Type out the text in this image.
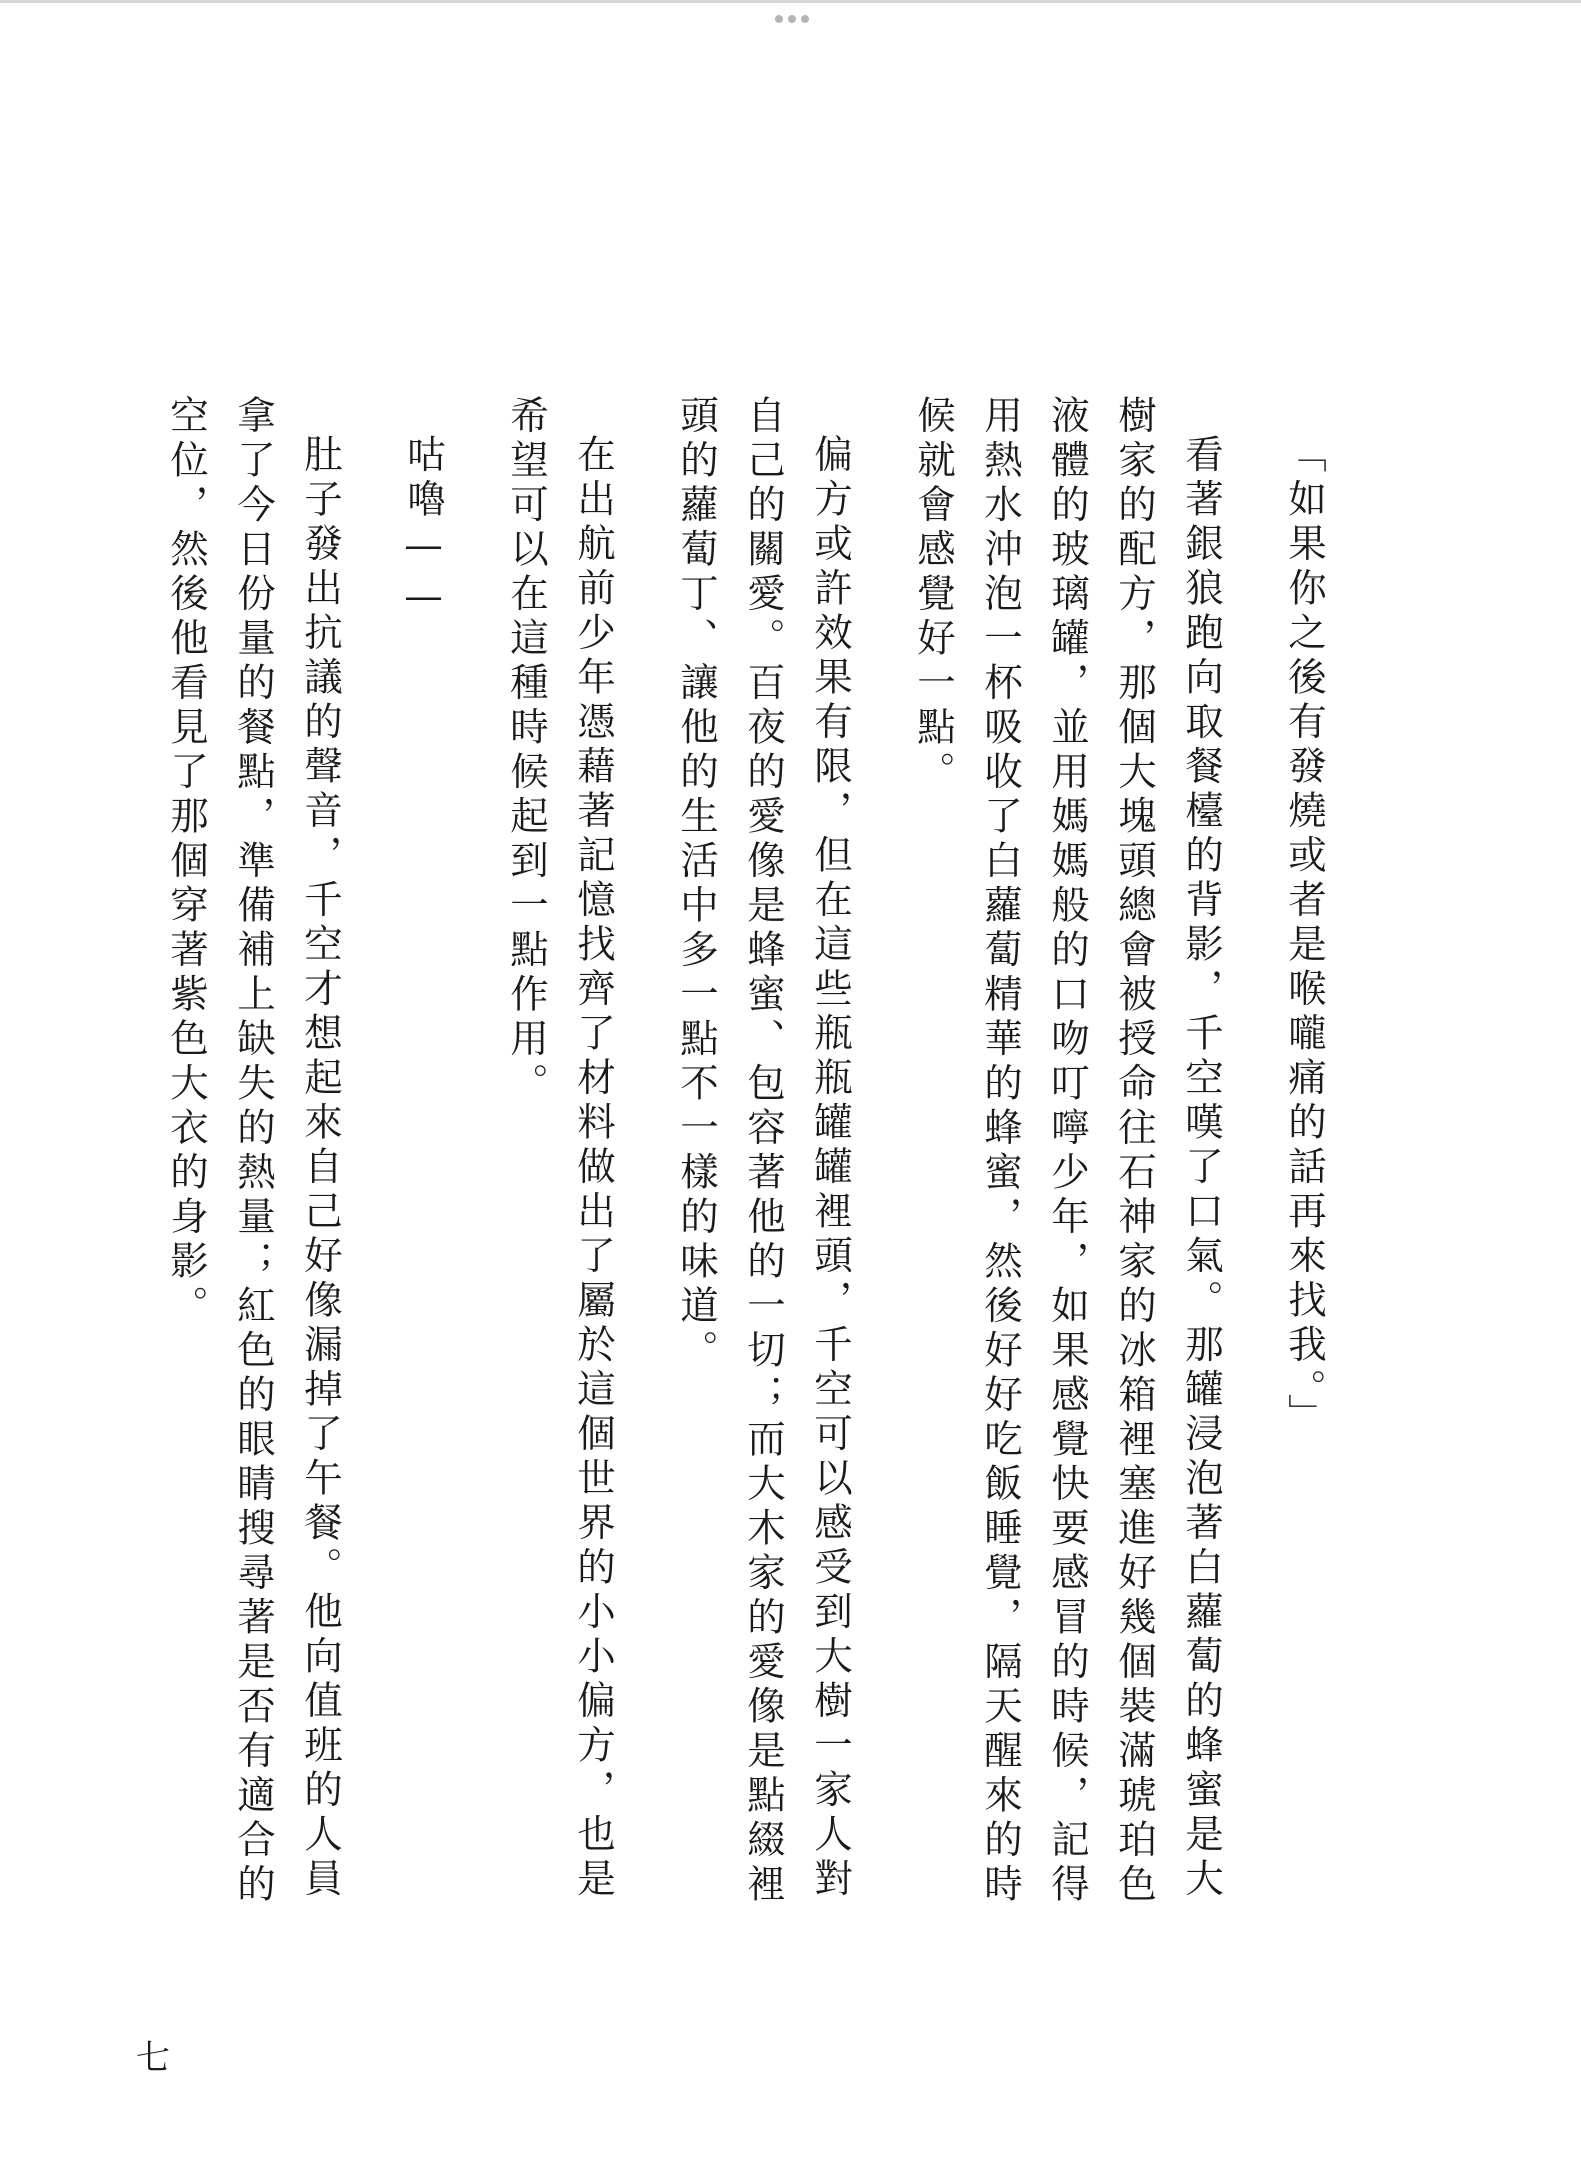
「如果你之後有發燒或者是喉嚨痛的話再來找我。」

看著銀狼跑向取餐檯的背影，千空嘆了口氣。那罐浸泡著白蘿蔔的蜂蜜是大樹家的配方，那個大塊頭總會被授命往石神家的冰箱裡塞進好幾個裝滿琥珀色液體的玻璃罐，並用媽媽般的口吻叮嚀少年，如果感覺快要感冒的時候，記得用熱水沖泡一杯吸收了白蘿蔔精華的蜂蜜，然後好好吃飯睡覺，隔天醒來的時候就會感覺好一點。

偏方或許效果有限，但在這些瓶瓶罐罐裡頭，千空可以感受到大樹一家人對自己的關愛。百夜的愛像是蜂蜜、包容著他的一切；而大木家的愛像是點綴裡頭的蘿蔔丁、讓他的生活中多一點不一樣的味道。

在出航前少年憑藉著記憶找齊了材料做出了屬於這個世界的小小偏方，也是希望可以在這種時候起到一點作用。

咕嚕——

肚子發出抗議的聲音，千空才想起來自己好像漏掉了午餐。他向值班的人員拿了今日份量的餐點，準備補上缺失的熱量；紅色的眼睛搜尋著是否有適合的空位，然後他看見了那個穿著紫色大衣的身影。

七
